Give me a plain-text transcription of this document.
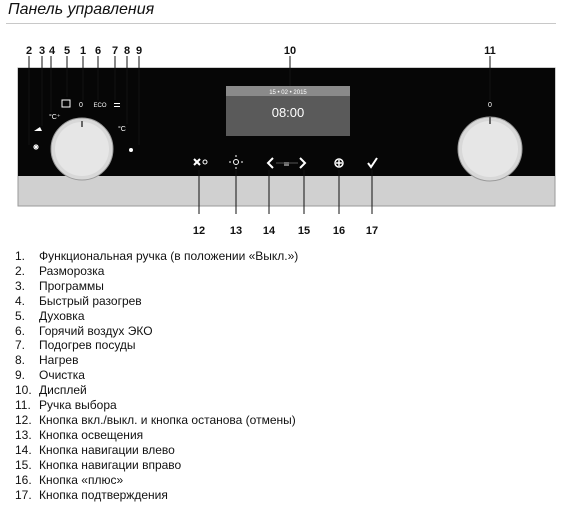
Панель управления
0 ECO
°C⁺
°C
15 • 02 • 2015
08:00	0
2 3 4 5 1 6 7 8 9	10	11
12 13 14 15 16 17
1.	Функциональная ручка (в положении «Выкл.»)
2.	Разморозка
3.	Программы
4.	Быстрый разогрев
5.	Духовка
6.	Горячий воздух ЭКО
7.	Подогрев посуды
8.	Нагрев
9.	Очистка
10. Дисплей
11. Ручка выбора
12. Кнопка вкл./выкл. и кнопка останова (отмены)
13. Кнопка освещения
14. Кнопка навигации влево
15. Кнопка навигации вправо
16. Кнопка «плюс»
17. Кнопка подтверждения
